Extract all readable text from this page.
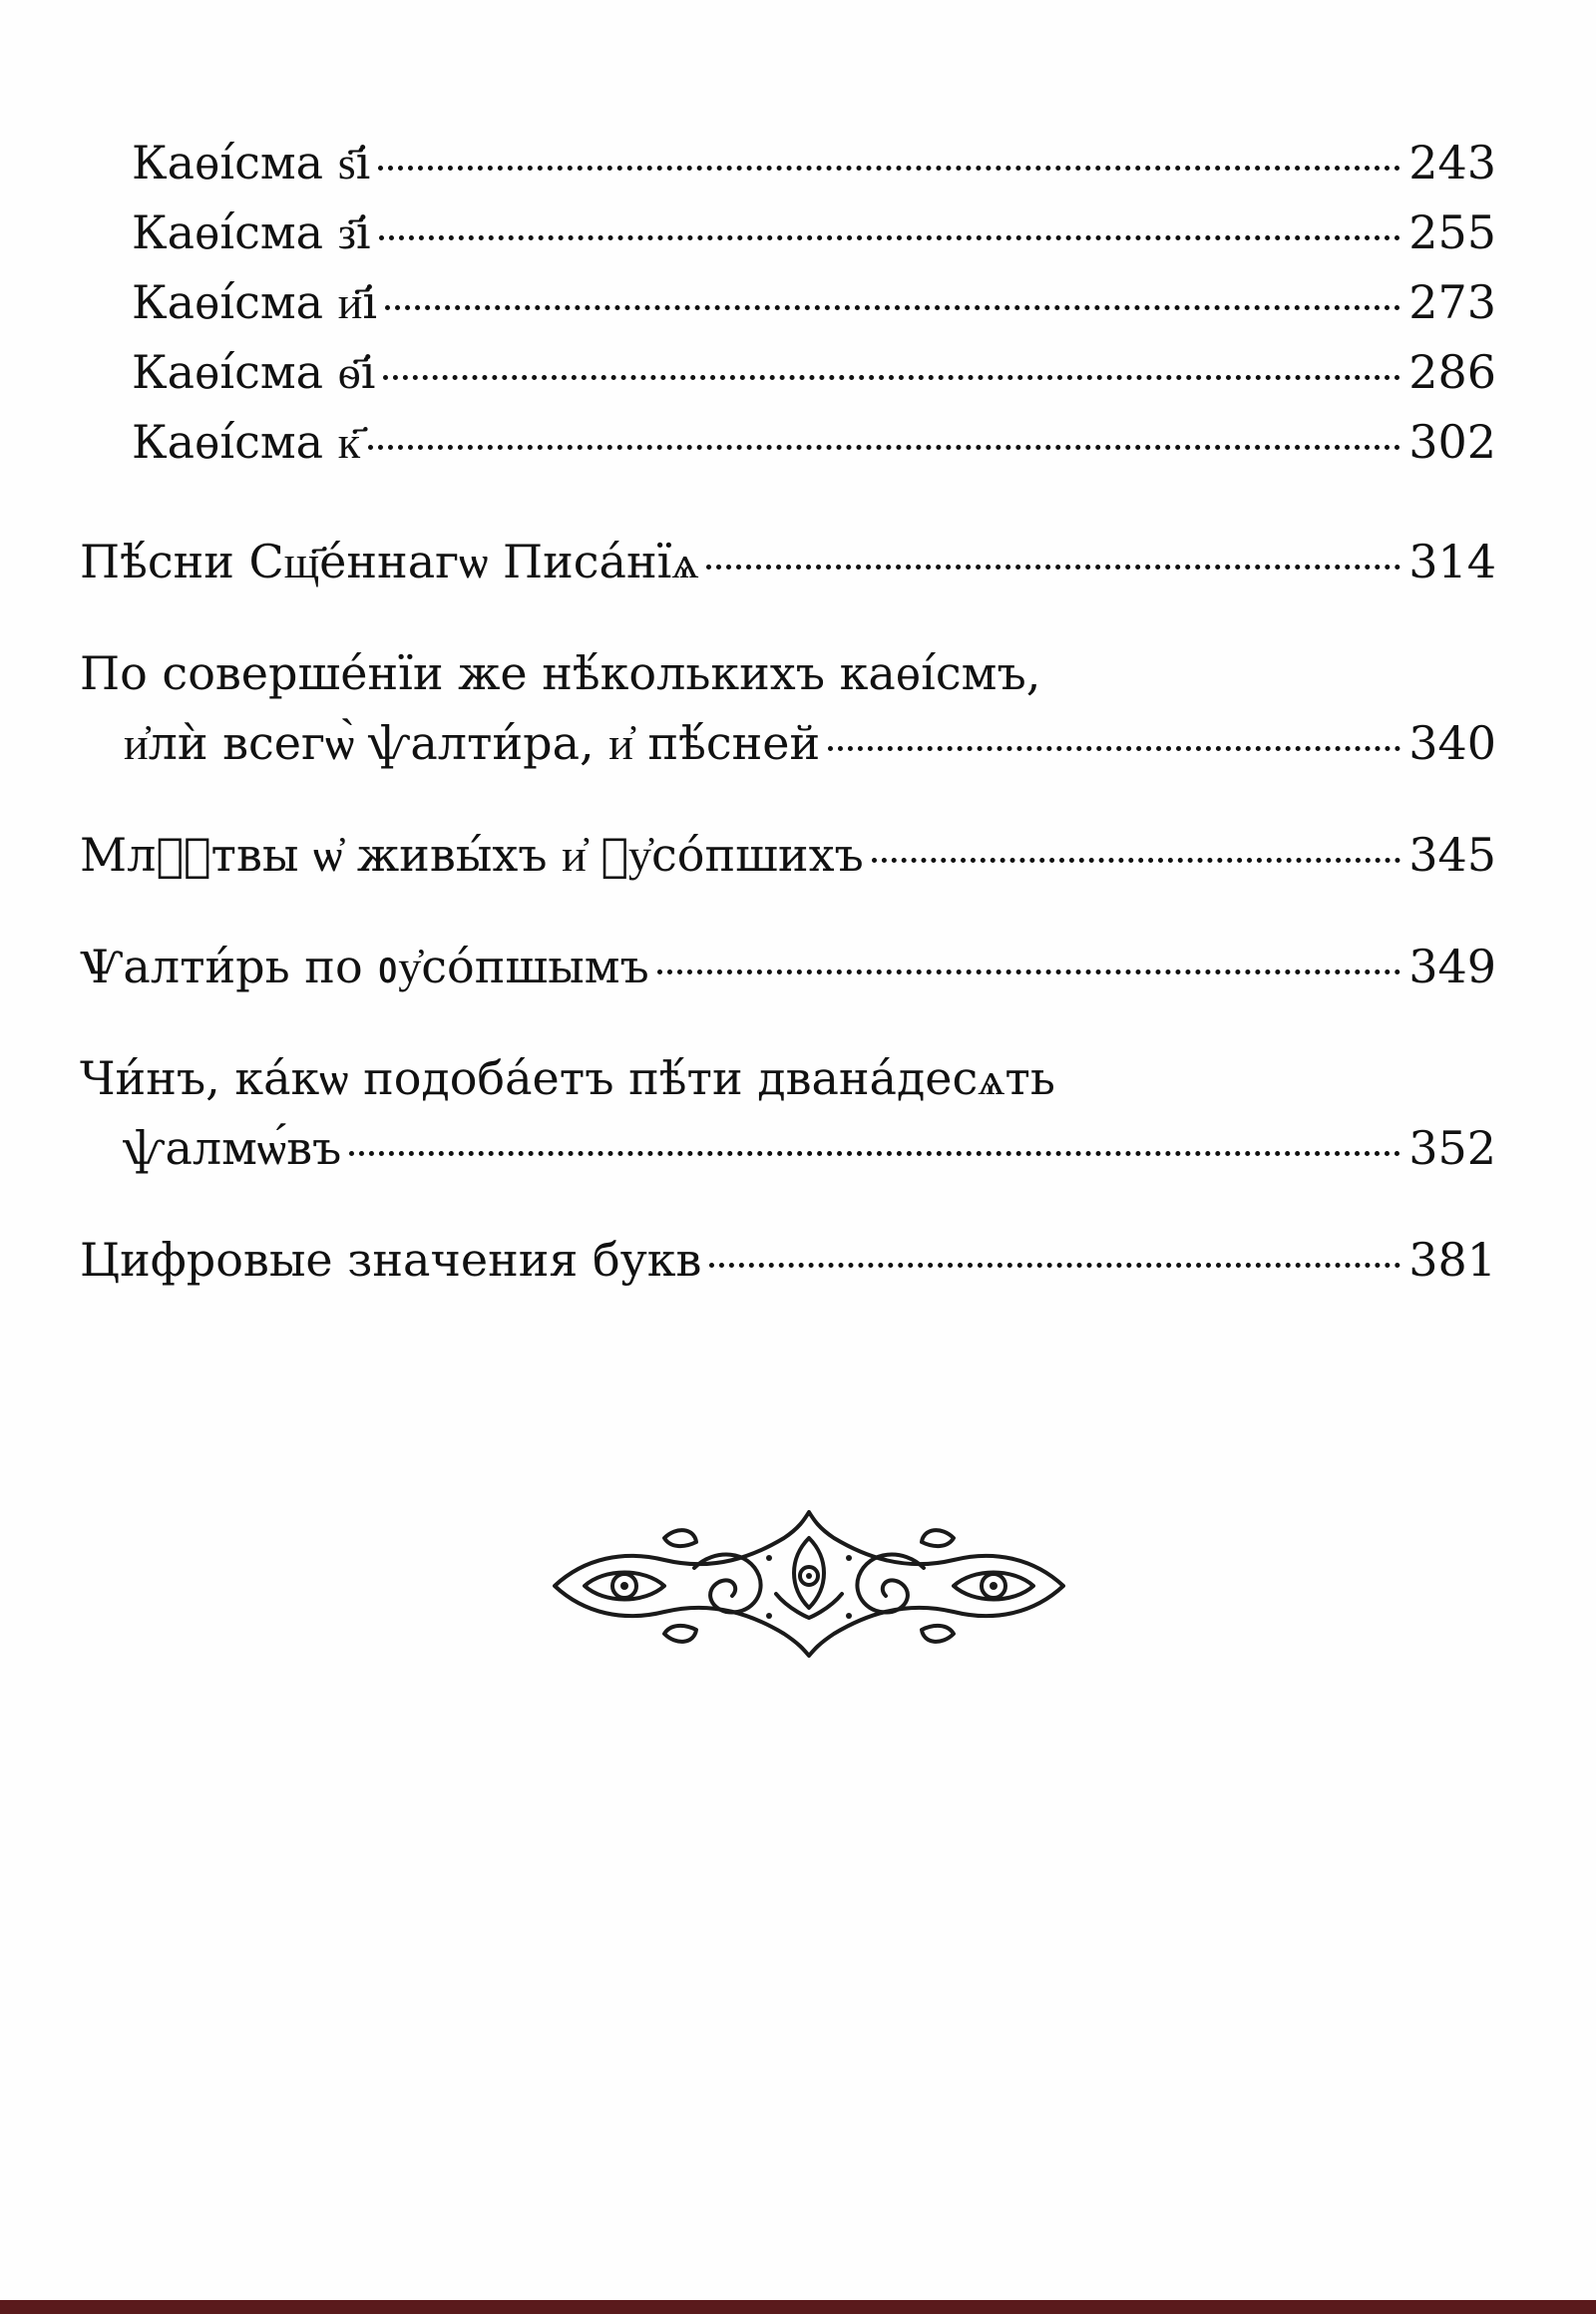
Каѳі́сма ѕ҃і	243
Каѳі́сма з҃і	255
Каѳі́сма и҃і	273
Каѳі́сма ѳ҃і	286
Каѳі́сма к҃	302
Пѣ́сни Сщ҃е́ннагѡ Писа́нїѧ	314
По соверше́нїи же нѣ́колькихъ каѳі́смъ,
и҆лѝ всегѡ̀ ѱалти́ра, и҆ пѣ́сней	340
Млⷭ҇твы ѡ҆ живы́хъ и҆ ᲂу҆со́пшихъ	345
Ѱалти́рь по ᲂу҆со́пшымъ	349
Чи́нъ, ка́кѡ подоба́етъ пѣ́ти двана́десѧть
ѱалмѡ́въ	352
Цифровые значения букв	381
